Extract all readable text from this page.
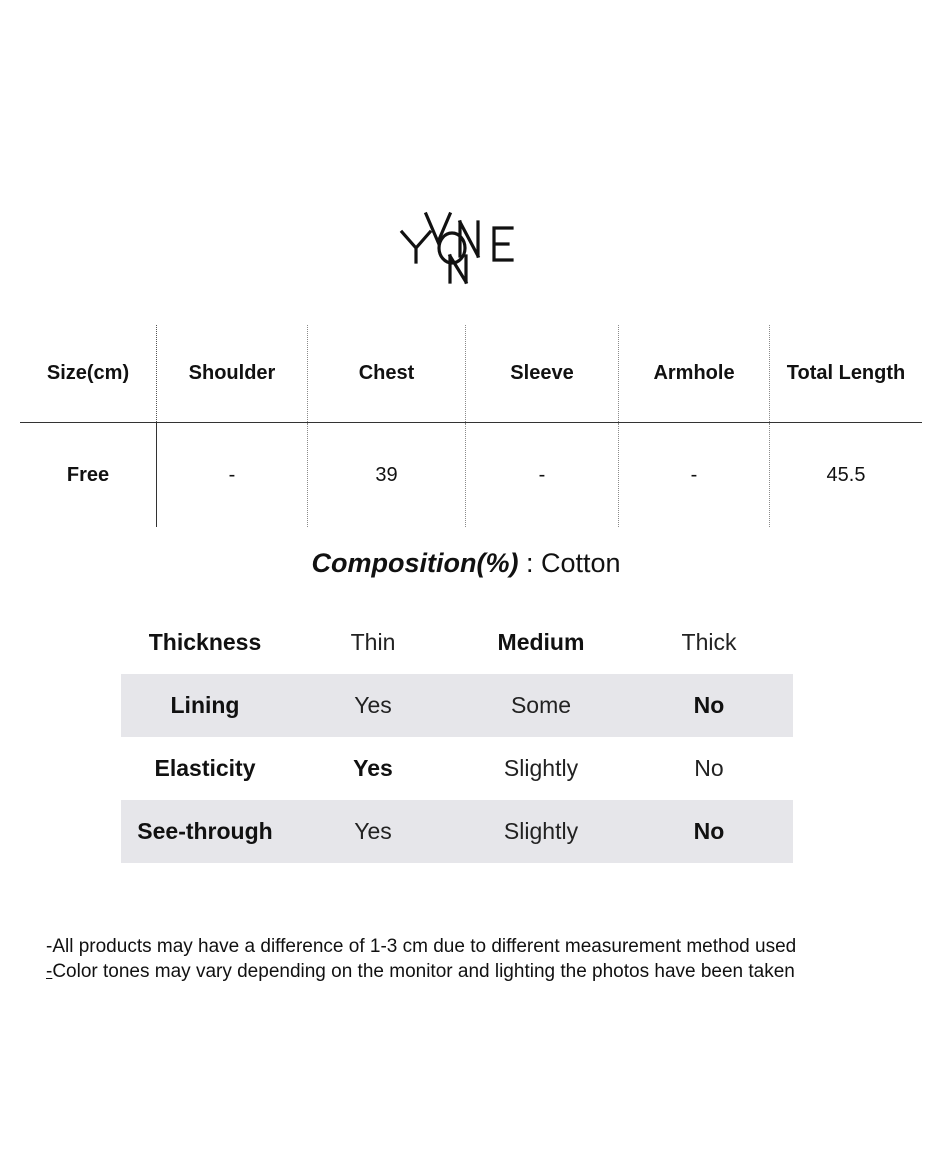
Size(cm)	Shoulder	Chest	Sleeve	Armhole	Total Length
Free	-	39	-	-	45.5
Composition(%) : Cotton
Thickness	Thin	Medium	Thick
Lining	Yes	Some	No
Elasticity	Yes	Slightly	No
See-through	Yes	Slightly	No
-All products may have a difference of 1-3 cm due to different measurement method used
-Color tones may vary depending on the monitor and lighting the photos have been taken
